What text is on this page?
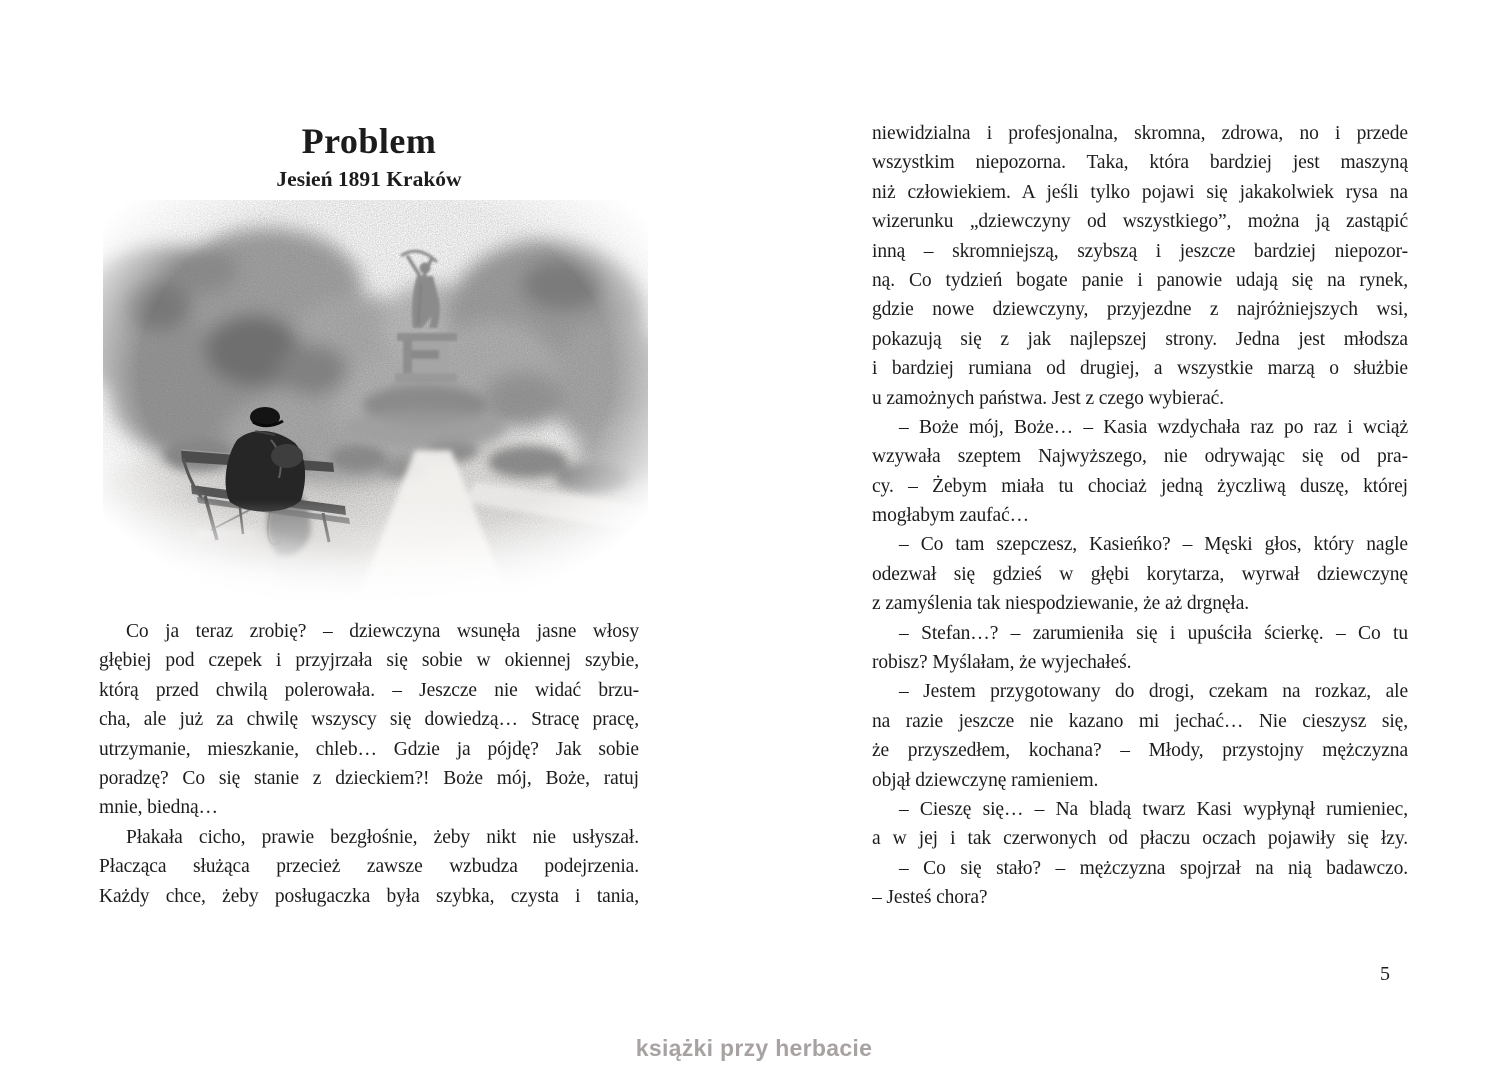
Problem
Jesień 1891 Kraków
Co ja teraz zrobię? – dziewczyna wsunęła jasne włosy
głębiej pod czepek i przyjrzała się sobie w okiennej szybie,
którą przed chwilą polerowała. – Jeszcze nie widać brzu-
cha, ale już za chwilę wszyscy się dowiedzą… Stracę pracę,
utrzymanie, mieszkanie, chleb… Gdzie ja pójdę? Jak sobie
poradzę? Co się stanie z dzieckiem?! Boże mój, Boże, ratuj
mnie, biedną…
Płakała cicho, prawie bezgłośnie, żeby nikt nie usłyszał.
Płacząca służąca przecież zawsze wzbudza podejrzenia.
Każdy chce, żeby posługaczka była szybka, czysta i tania,
niewidzialna i profesjonalna, skromna, zdrowa, no i przede
wszystkim niepozorna. Taka, która bardziej jest maszyną
niż człowiekiem. A jeśli tylko pojawi się jakakolwiek rysa na
wizerunku „dziewczyny od wszystkiego”, można ją zastąpić
inną – skromniejszą, szybszą i jeszcze bardziej niepozor-
ną. Co tydzień bogate panie i panowie udają się na rynek,
gdzie nowe dziewczyny, przyjezdne z najróżniejszych wsi,
pokazują się z jak najlepszej strony. Jedna jest młodsza
i bardziej rumiana od drugiej, a wszystkie marzą o służbie
u zamożnych państwa. Jest z czego wybierać.
– Boże mój, Boże… – Kasia wzdychała raz po raz i wciąż
wzywała szeptem Najwyższego, nie odrywając się od pra-
cy. – Żebym miała tu chociaż jedną życzliwą duszę, której
mogłabym zaufać…
– Co tam szepczesz, Kasieńko? – Męski głos, który nagle
odezwał się gdzieś w głębi korytarza, wyrwał dziewczynę
z zamyślenia tak niespodziewanie, że aż drgnęła.
– Stefan…? – zarumieniła się i upuściła ścierkę. – Co tu
robisz? Myślałam, że wyjechałeś.
– Jestem przygotowany do drogi, czekam na rozkaz, ale
na razie jeszcze nie kazano mi jechać… Nie cieszysz się,
że przyszedłem, kochana? – Młody, przystojny mężczyzna
objął dziewczynę ramieniem.
– Cieszę się… – Na bladą twarz Kasi wypłynął rumieniec,
a w jej i tak czerwonych od płaczu oczach pojawiły się łzy.
– Co się stało? – mężczyzna spojrzał na nią badawczo.
– Jesteś chora?
5
książki przy herbacie
